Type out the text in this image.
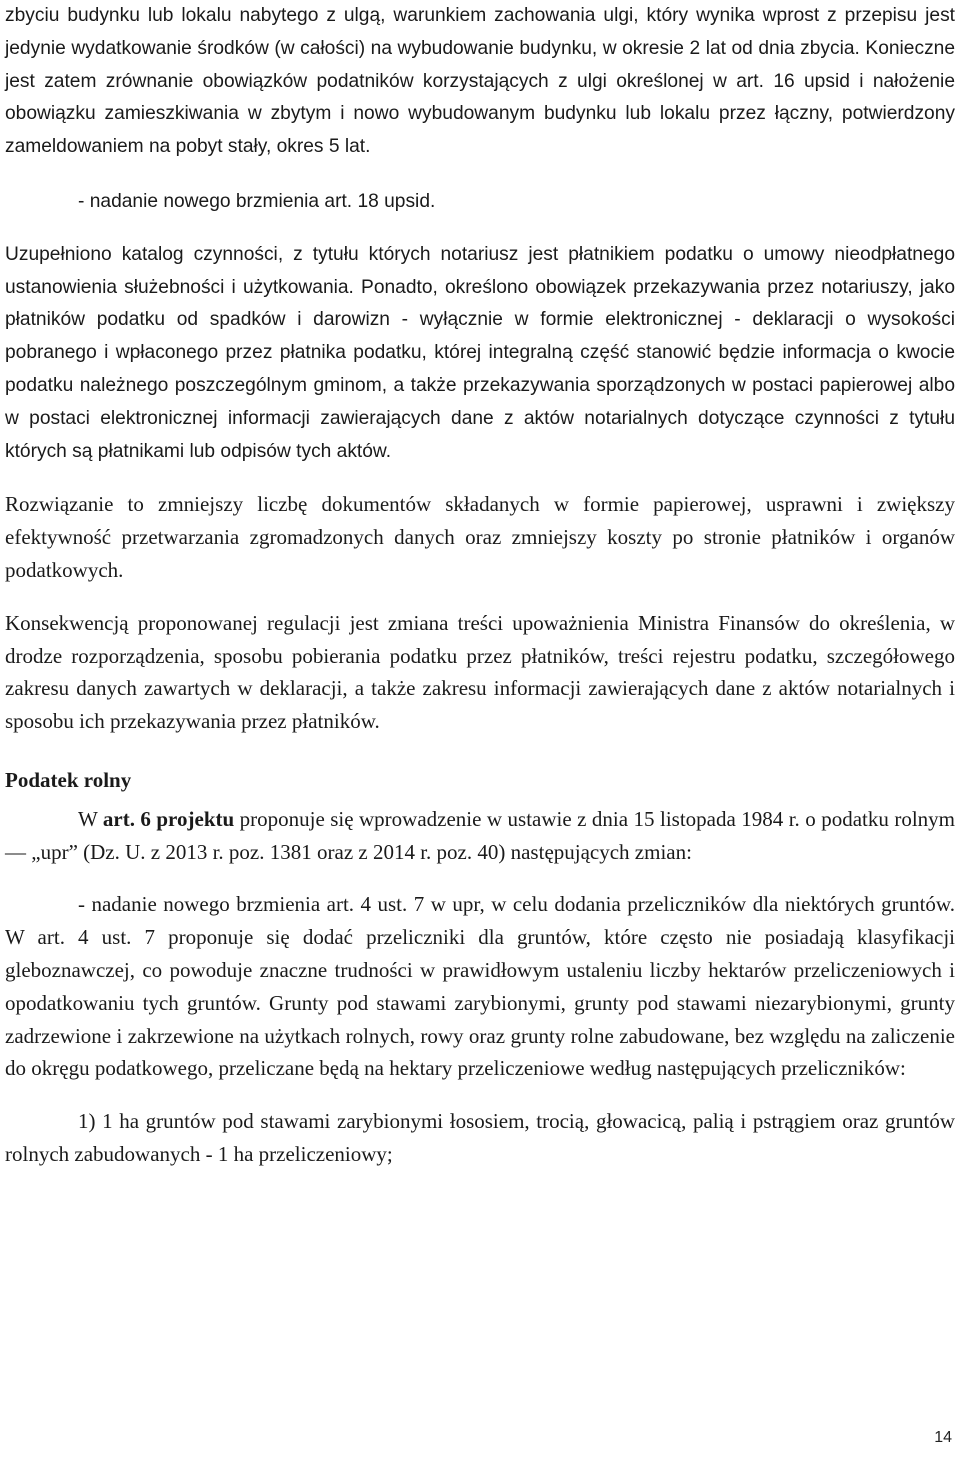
zbyciu budynku lub lokalu nabytego z ulgą, warunkiem zachowania ulgi, który wynika wprost z przepisu jest jedynie wydatkowanie środków (w całości) na wybudowanie budynku, w okresie 2 lat od dnia zbycia. Konieczne jest zatem zrównanie obowiązków podatników korzystających z ulgi określonej w art. 16 upsid i nałożenie obowiązku zamieszkiwania w zbytym i nowo wybudowanym budynku lub lokalu przez łączny, potwierdzony zameldowaniem na pobyt stały, okres 5 lat.

- nadanie nowego brzmienia art. 18 upsid.

Uzupełniono katalog czynności, z tytułu których notariusz jest płatnikiem podatku o umowy nieodpłatnego ustanowienia służebności i użytkowania. Ponadto, określono obowiązek przekazywania przez notariuszy, jako płatników podatku od spadków i darowizn - wyłącznie w formie elektronicznej - deklaracji o wysokości pobranego i wpłaconego przez płatnika podatku, której integralną część stanowić będzie informacja o kwocie podatku należnego poszczególnym gminom, a także przekazywania sporządzonych w postaci papierowej albo w postaci elektronicznej informacji zawierających dane z aktów notarialnych dotyczące czynności z tytułu których są płatnikami lub odpisów tych aktów.

Rozwiązanie to zmniejszy liczbę dokumentów składanych w formie papierowej, usprawni i zwiększy efektywność przetwarzania zgromadzonych danych oraz zmniejszy koszty po stronie płatników i organów podatkowych.

Konsekwencją proponowanej regulacji jest zmiana treści upoważnienia Ministra Finansów do określenia, w drodze rozporządzenia, sposobu pobierania podatku przez płatników, treści rejestru podatku, szczegółowego zakresu danych zawartych w deklaracji, a także zakresu informacji zawierających dane z aktów notarialnych i sposobu ich przekazywania przez płatników.

Podatek rolny

W art. 6 projektu proponuje się wprowadzenie w ustawie z dnia 15 listopada 1984 r. o podatku rolnym — „upr” (Dz. U. z 2013 r. poz. 1381 oraz z 2014 r. poz. 40) następujących zmian:

- nadanie nowego brzmienia art. 4 ust. 7 w upr, w celu dodania przeliczników dla niektórych gruntów. W art. 4 ust. 7 proponuje się dodać przeliczniki dla gruntów, które często nie posiadają klasyfikacji gleboznawczej, co powoduje znaczne trudności w prawidłowym ustaleniu liczby hektarów przeliczeniowych i opodatkowaniu tych gruntów. Grunty pod stawami zarybionymi, grunty pod stawami niezarybionymi, grunty zadrzewione i zakrzewione na użytkach rolnych, rowy oraz grunty rolne zabudowane, bez względu na zaliczenie do okręgu podatkowego, przeliczane będą na hektary przeliczeniowe według następujących przeliczników:

1) 1 ha gruntów pod stawami zarybionymi łososiem, trocią, głowacicą, palią i pstrągiem oraz gruntów rolnych zabudowanych - 1 ha przeliczeniowy;

14
